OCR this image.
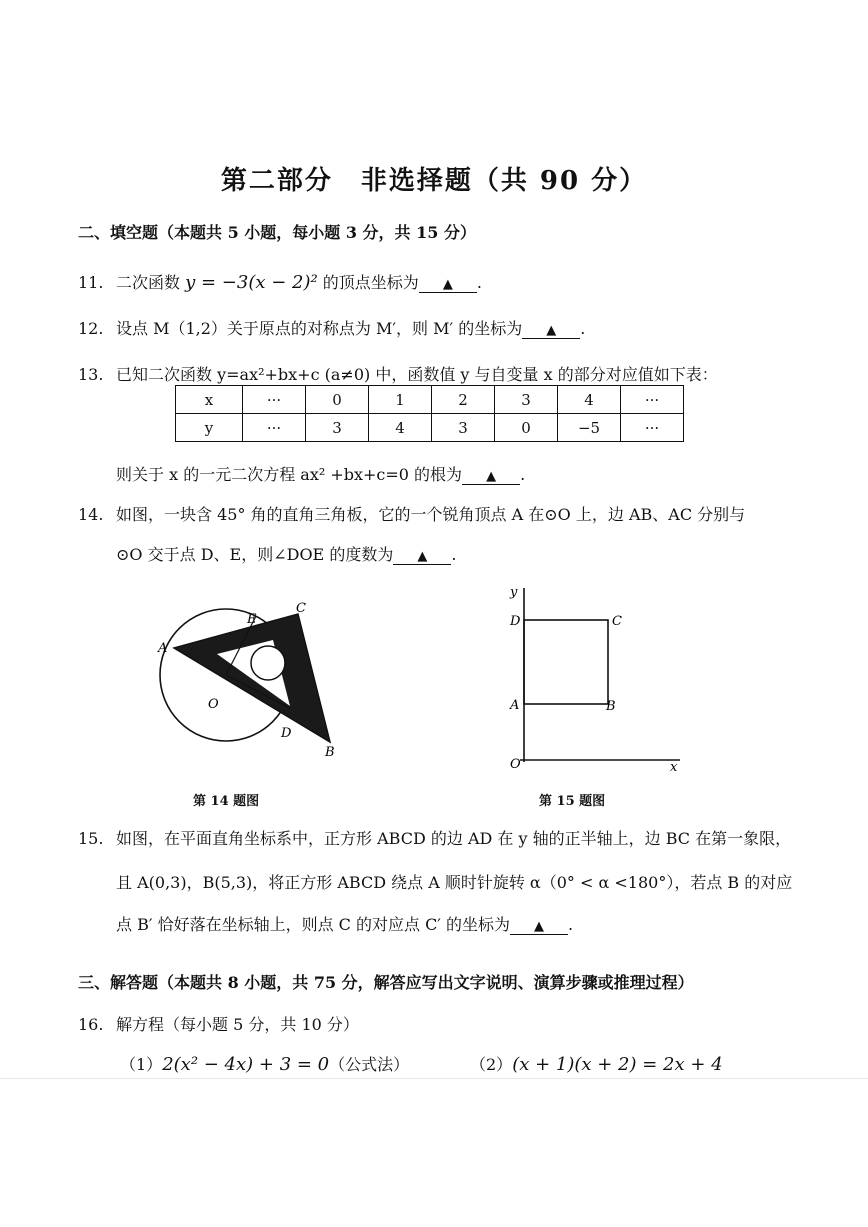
第二部分　非选择题（共 90 分）
二、填空题（本题共 5 小题，每小题 3 分，共 15 分）
11. 二次函数 y = −3(x − 2)² 的顶点坐标为 ▲ .
12. 设点 M（1,2）关于原点的对称点为 M′，则 M′ 的坐标为 ▲ .
13. 已知二次函数 y=ax²+bx+c (a≠0) 中，函数值 y 与自变量 x 的部分对应值如下表：
x	···	0	1	2	3	4	···
y	···	3	4	3	0	−5	···
则关于 x 的一元二次方程 ax² +bx+c=0 的根为 ▲ .
14. 如图，一块含 45° 角的直角三角板，它的一个锐角顶点 A 在⊙O 上，边 AB、AC 分别与
⊙O 交于点 D、E，则∠DOE 的度数为 ▲ .
A
B
C
D
E
O
第 14 题图
y
x
O
A	B
C
D
第 15 题图
15. 如图，在平面直角坐标系中，正方形 ABCD 的边 AD 在 y 轴的正半轴上，边 BC 在第一象限，
且 A(0,3)，B(5,3)，将正方形 ABCD 绕点 A 顺时针旋转 α（0° < α <180°），若点 B 的对应
点 B′ 恰好落在坐标轴上，则点 C 的对应点 C′ 的坐标为 ▲ .
三、解答题（本题共 8 小题，共 75 分，解答应写出文字说明、演算步骤或推理过程）
16. 解方程（每小题 5 分，共 10 分）
（1）2(x² − 4x) + 3 = 0（公式法）	（2）(x + 1)(x + 2) = 2x + 4
